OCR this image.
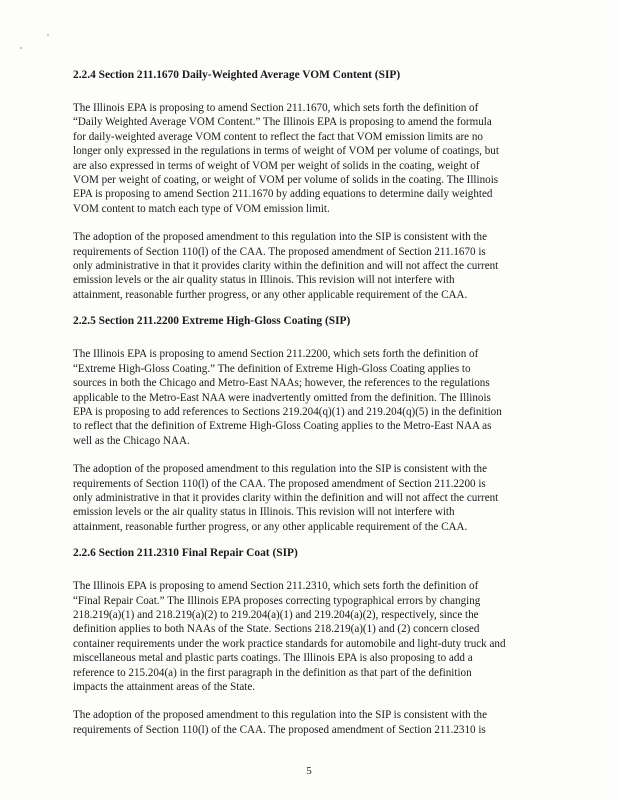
2.2.4 Section 211.1670 Daily-Weighted Average VOM Content (SIP)
The Illinois EPA is proposing to amend Section 211.1670, which sets forth the definition of
“Daily Weighted Average VOM Content.” The Illinois EPA is proposing to amend the formula
for daily-weighted average VOM content to reflect the fact that VOM emission limits are no
longer only expressed in the regulations in terms of weight of VOM per volume of coatings, but
are also expressed in terms of weight of VOM per weight of solids in the coating, weight of
VOM per weight of coating, or weight of VOM per volume of solids in the coating. The Illinois
EPA is proposing to amend Section 211.1670 by adding equations to determine daily weighted
VOM content to match each type of VOM emission limit.
The adoption of the proposed amendment to this regulation into the SIP is consistent with the
requirements of Section 110(l) of the CAA. The proposed amendment of Section 211.1670 is
only administrative in that it provides clarity within the definition and will not affect the current
emission levels or the air quality status in Illinois. This revision will not interfere with
attainment, reasonable further progress, or any other applicable requirement of the CAA.
2.2.5 Section 211.2200 Extreme High-Gloss Coating (SIP)
The Illinois EPA is proposing to amend Section 211.2200, which sets forth the definition of
“Extreme High-Gloss Coating.” The definition of Extreme High-Gloss Coating applies to
sources in both the Chicago and Metro-East NAAs; however, the references to the regulations
applicable to the Metro-East NAA were inadvertently omitted from the definition. The Illinois
EPA is proposing to add references to Sections 219.204(q)(1) and 219.204(q)(5) in the definition
to reflect that the definition of Extreme High-Gloss Coating applies to the Metro-East NAA as
well as the Chicago NAA.
The adoption of the proposed amendment to this regulation into the SIP is consistent with the
requirements of Section 110(l) of the CAA. The proposed amendment of Section 211.2200 is
only administrative in that it provides clarity within the definition and will not affect the current
emission levels or the air quality status in Illinois. This revision will not interfere with
attainment, reasonable further progress, or any other applicable requirement of the CAA.
2.2.6 Section 211.2310 Final Repair Coat (SIP)
The Illinois EPA is proposing to amend Section 211.2310, which sets forth the definition of
“Final Repair Coat.” The Illinois EPA proposes correcting typographical errors by changing
218.219(a)(1) and 218.219(a)(2) to 219.204(a)(1) and 219.204(a)(2), respectively, since the
definition applies to both NAAs of the State. Sections 218.219(a)(1) and (2) concern closed
container requirements under the work practice standards for automobile and light-duty truck and
miscellaneous metal and plastic parts coatings. The Illinois EPA is also proposing to add a
reference to 215.204(a) in the first paragraph in the definition as that part of the definition
impacts the attainment areas of the State.
The adoption of the proposed amendment to this regulation into the SIP is consistent with the
requirements of Section 110(l) of the CAA. The proposed amendment of Section 211.2310 is
5
